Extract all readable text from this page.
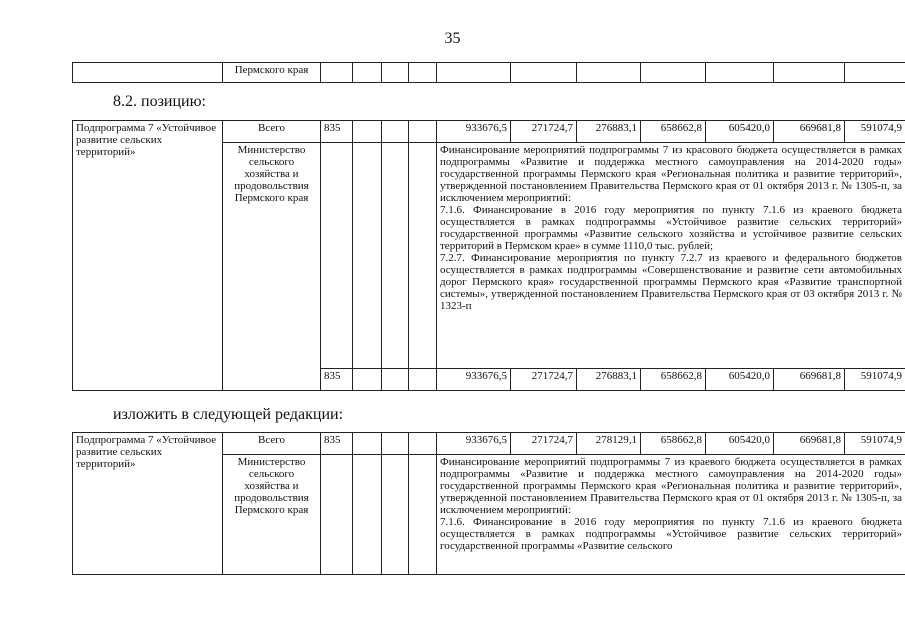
35
	Пермского края											
8.2. позицию:
Подпрограмма 7 «Устойчивое развитие сельских территорий»	Всего	835				933676,5	271724,7	276883,1	658662,8	605420,0	669681,8	591074,9
	Министерство сельского хозяйства и продовольствия Пермского края					Финансирование мероприятий подпрограммы 7 из красового бюджета осуществляется в рамках подпрограммы «Развитие и поддержка местного самоуправления на 2014-2020 годы» государственной программы Пермского края «Региональная политика и развитие территорий», утвержденной постановлением Правительства Пермского края от 01 октября 2013 г. № 1305-п, за исключением мероприятий:
7.1.6. Финансирование в 2016 году мероприятия по пункту 7.1.6 из краевого бюджета осуществляется в рамках подпрограммы «Устойчивое развитие сельских территорий» государственной программы «Развитие сельского хозяйства и устойчивое развитие сельских территорий в Пермском крае» в сумме 1110,0 тыс. рублей;
7.2.7. Финансирование мероприятия по пункту 7.2.7 из краевого и федерального бюджетов осуществляется в рамках подпрограммы «Совершенствование и развитие сети автомобильных дорог Пермского края» государственной программы Пермского края «Развитие транспортной системы», утвержденной постановлением Правительства Пермского края от 03 октября 2013 г. № 1323-п						
		835				933676,5	271724,7	276883,1	658662,8	605420,0	669681,8	591074,9
изложить в следующей редакции:
Подпрограмма 7 «Устойчивое развитие сельских территорий»	Всего	835				933676,5	271724,7	278129,1	658662,8	605420,0	669681,8	591074,9
	Министерство сельского хозяйства и продовольствия Пермского края					Финансирование мероприятий подпрограммы 7 из краевого бюджета осуществляется в рамках подпрограммы «Развитие и поддержка местного самоуправления на 2014-2020 годы» государственной программы Пермского края «Региональная политика и развитие территорий», утвержденной постановлением Правительства Пермского края от 01 октября 2013 г. № 1305-п, за исключением мероприятий:
7.1.6. Финансирование в 2016 году мероприятия по пункту 7.1.6 из краевого бюджета осуществляется в рамках подпрограммы «Устойчивое развитие сельских территорий» государственной программы «Развитие сельского						
